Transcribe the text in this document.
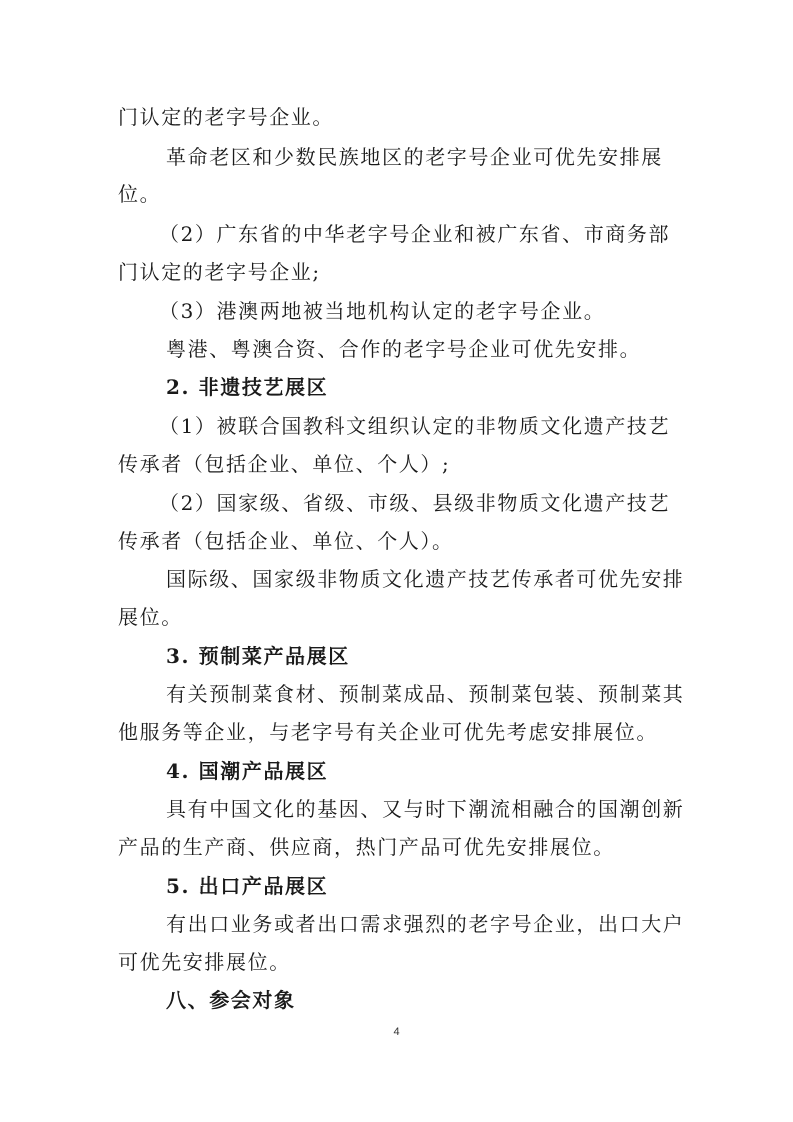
门认定的老字号企业。
革命老区和少数民族地区的老字号企业可优先安排展
位。
（2）广东省的中华老字号企业和被广东省、市商务部
门认定的老字号企业;
（3）港澳两地被当地机构认定的老字号企业。
粤港、粤澳合资、合作的老字号企业可优先安排。
2. 非遗技艺展区
（1）被联合国教科文组织认定的非物质文化遗产技艺
传承者（包括企业、单位、个人）;
（2）国家级、省级、市级、县级非物质文化遗产技艺
传承者（包括企业、单位、个人）。
国际级、国家级非物质文化遗产技艺传承者可优先安排
展位。
3. 预制菜产品展区
有关预制菜食材、预制菜成品、预制菜包装、预制菜其
他服务等企业，与老字号有关企业可优先考虑安排展位。
4. 国潮产品展区
具有中国文化的基因、又与时下潮流相融合的国潮创新
产品的生产商、供应商，热门产品可优先安排展位。
5. 出口产品展区
有出口业务或者出口需求强烈的老字号企业，出口大户
可优先安排展位。
八、参会对象
4
